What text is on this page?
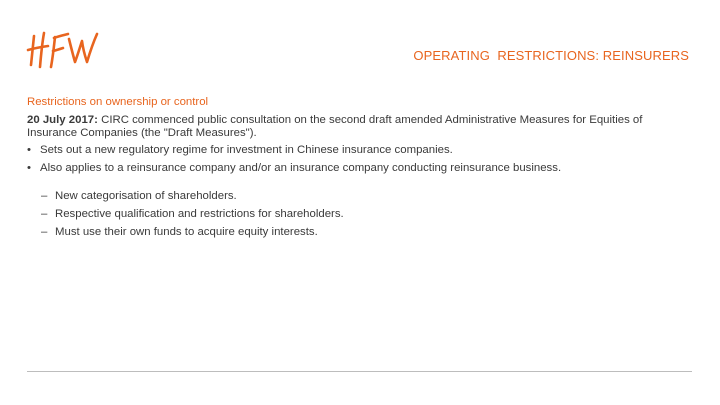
OPERATING  RESTRICTIONS: REINSURERS
Restrictions on ownership or control
20 July 2017: CIRC commenced public consultation on the second draft amended Administrative Measures for Equities of Insurance Companies (the "Draft Measures").
• Sets out a new regulatory regime for investment in Chinese insurance companies.
• Also applies to a reinsurance company and/or an insurance company conducting reinsurance business.
– New categorisation of shareholders.
– Respective qualification and restrictions for shareholders.
– Must use their own funds to acquire equity interests.
